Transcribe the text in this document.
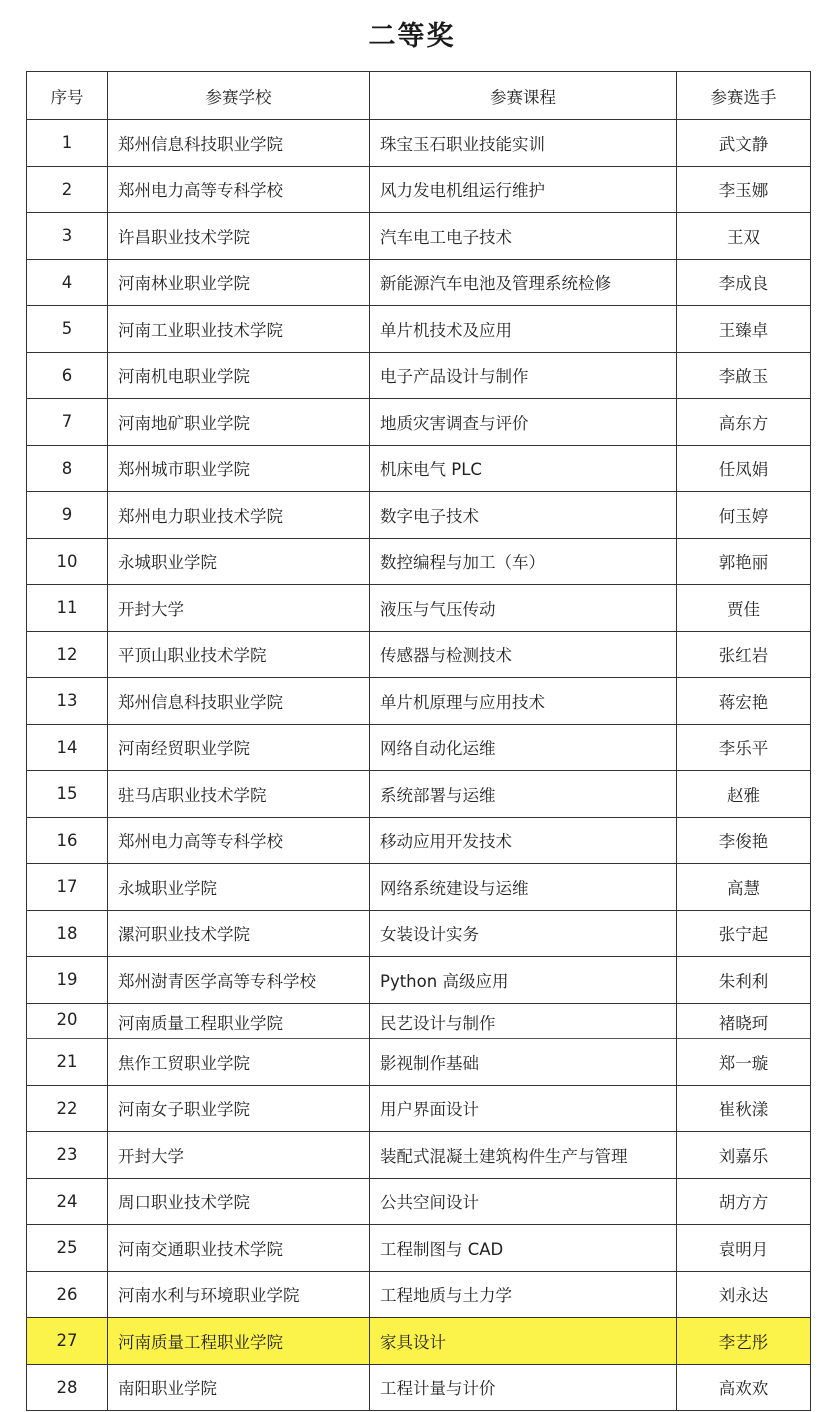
二等奖
序号	参赛学校	参赛课程	参赛选手
1	郑州信息科技职业学院	珠宝玉石职业技能实训	武文静
2	郑州电力高等专科学校	风力发电机组运行维护	李玉娜
3	许昌职业技术学院	汽车电工电子技术	王双
4	河南林业职业学院	新能源汽车电池及管理系统检修	李成良
5	河南工业职业技术学院	单片机技术及应用	王臻卓
6	河南机电职业学院	电子产品设计与制作	李啟玉
7	河南地矿职业学院	地质灾害调查与评价	高东方
8	郑州城市职业学院	机床电气 PLC	任凤娟
9	郑州电力职业技术学院	数字电子技术	何玉婷
10	永城职业学院	数控编程与加工（车）	郭艳丽
11	开封大学	液压与气压传动	贾佳
12	平顶山职业技术学院	传感器与检测技术	张红岩
13	郑州信息科技职业学院	单片机原理与应用技术	蒋宏艳
14	河南经贸职业学院	网络自动化运维	李乐平
15	驻马店职业技术学院	系统部署与运维	赵雅
16	郑州电力高等专科学校	移动应用开发技术	李俊艳
17	永城职业学院	网络系统建设与运维	高慧
18	漯河职业技术学院	女装设计实务	张宁起
19	郑州澍青医学高等专科学校	Python 高级应用	朱利利
20	河南质量工程职业学院	民艺设计与制作	褚晓珂
21	焦作工贸职业学院	影视制作基础	郑一璇
22	河南女子职业学院	用户界面设计	崔秋漾
23	开封大学	装配式混凝土建筑构件生产与管理	刘嘉乐
24	周口职业技术学院	公共空间设计	胡方方
25	河南交通职业技术学院	工程制图与 CAD	袁明月
26	河南水利与环境职业学院	工程地质与土力学	刘永达
27	河南质量工程职业学院	家具设计	李艺彤
28	南阳职业学院	工程计量与计价	高欢欢
